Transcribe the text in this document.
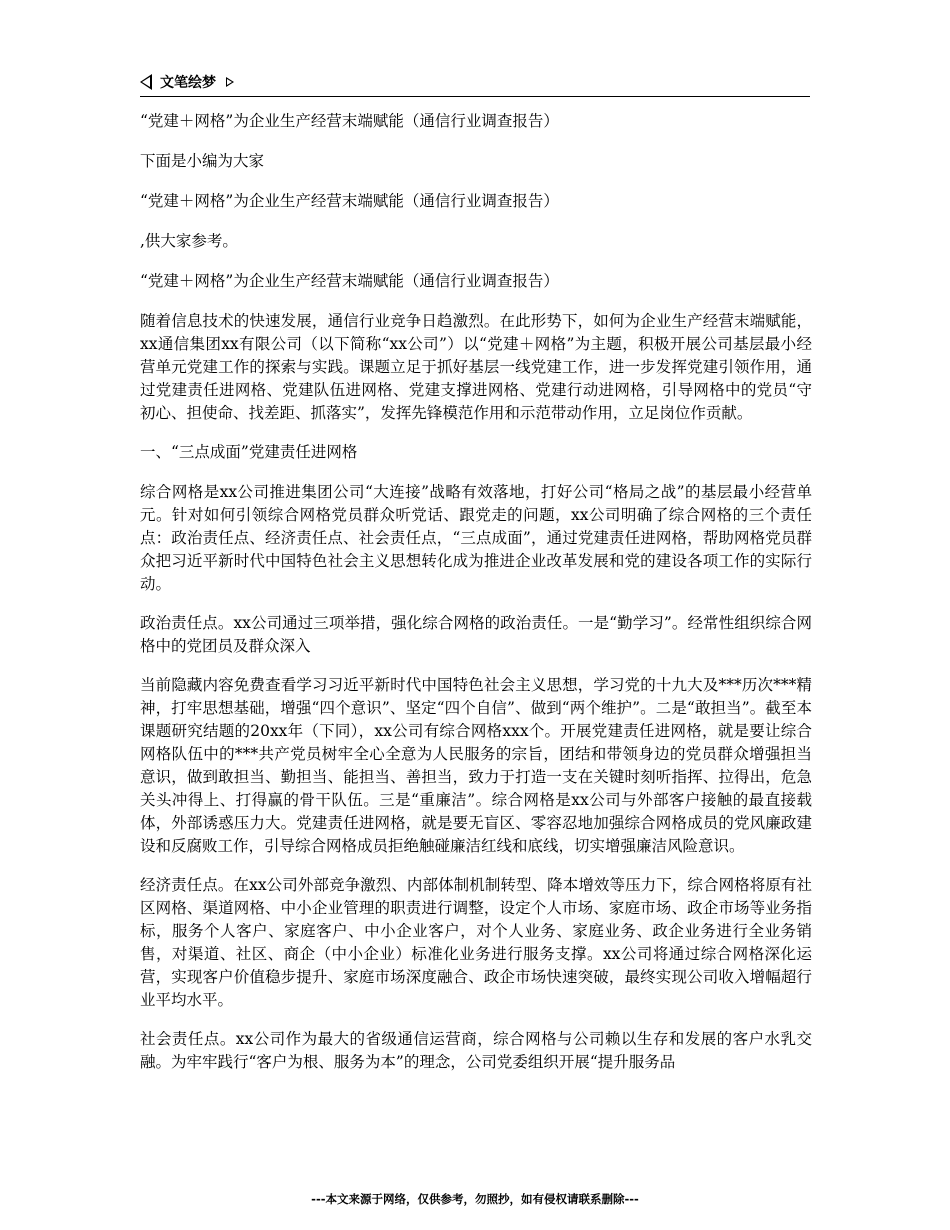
文笔绘梦

“党建＋网格”为企业生产经营末端赋能（通信行业调查报告）

下面是小编为大家

“党建＋网格”为企业生产经营末端赋能（通信行业调查报告）

,供大家参考。

“党建＋网格”为企业生产经营末端赋能（通信行业调查报告）

随着信息技术的快速发展，通信行业竞争日趋激烈。在此形势下，如何为企业生产经营末端赋能，xx通信集团xx有限公司（以下简称“xx公司”）以“党建＋网格”为主题，积极开展公司基层最小经营单元党建工作的探索与实践。课题立足于抓好基层一线党建工作，进一步发挥党建引领作用，通过党建责任进网格、党建队伍进网格、党建支撑进网格、党建行动进网格，引导网格中的党员“守初心、担使命、找差距、抓落实”，发挥先锋模范作用和示范带动作用，立足岗位作贡献。

一、“三点成面”党建责任进网格

综合网格是xx公司推进集团公司“大连接”战略有效落地，打好公司“格局之战”的基层最小经营单元。针对如何引领综合网格党员群众听党话、跟党走的问题，xx公司明确了综合网格的三个责任点：政治责任点、经济责任点、社会责任点，“三点成面”，通过党建责任进网格，帮助网格党员群众把习近平新时代中国特色社会主义思想转化成为推进企业改革发展和党的建设各项工作的实际行动。

政治责任点。xx公司通过三项举措，强化综合网格的政治责任。一是“勤学习”。经常性组织综合网格中的党团员及群众深入

当前隐藏内容免费查看学习习近平新时代中国特色社会主义思想，学习党的十九大及***历次***精神，打牢思想基础，增强“四个意识”、坚定“四个自信”、做到“两个维护”。二是“敢担当”。截至本课题研究结题的20xx年（下同），xx公司有综合网格xxx个。开展党建责任进网格，就是要让综合网格队伍中的***共产党员树牢全心全意为人民服务的宗旨，团结和带领身边的党员群众增强担当意识，做到敢担当、勤担当、能担当、善担当，致力于打造一支在关键时刻听指挥、拉得出，危急关头冲得上、打得赢的骨干队伍。三是“重廉洁”。综合网格是xx公司与外部客户接触的最直接载体，外部诱惑压力大。党建责任进网格，就是要无盲区、零容忍地加强综合网格成员的党风廉政建设和反腐败工作，引导综合网格成员拒绝触碰廉洁红线和底线，切实增强廉洁风险意识。

经济责任点。在xx公司外部竞争激烈、内部体制机制转型、降本增效等压力下，综合网格将原有社区网格、渠道网格、中小企业管理的职责进行调整，设定个人市场、家庭市场、政企市场等业务指标，服务个人客户、家庭客户、中小企业客户，对个人业务、家庭业务、政企业务进行全业务销售，对渠道、社区、商企（中小企业）标准化业务进行服务支撑。xx公司将通过综合网格深化运营，实现客户价值稳步提升、家庭市场深度融合、政企市场快速突破，最终实现公司收入增幅超行业平均水平。

社会责任点。xx公司作为最大的省级通信运营商，综合网格与公司赖以生存和发展的客户水乳交融。为牢牢践行“客户为根、服务为本”的理念，公司党委组织开展“提升服务品

---本文来源于网络，仅供参考，勿照抄，如有侵权请联系删除---
